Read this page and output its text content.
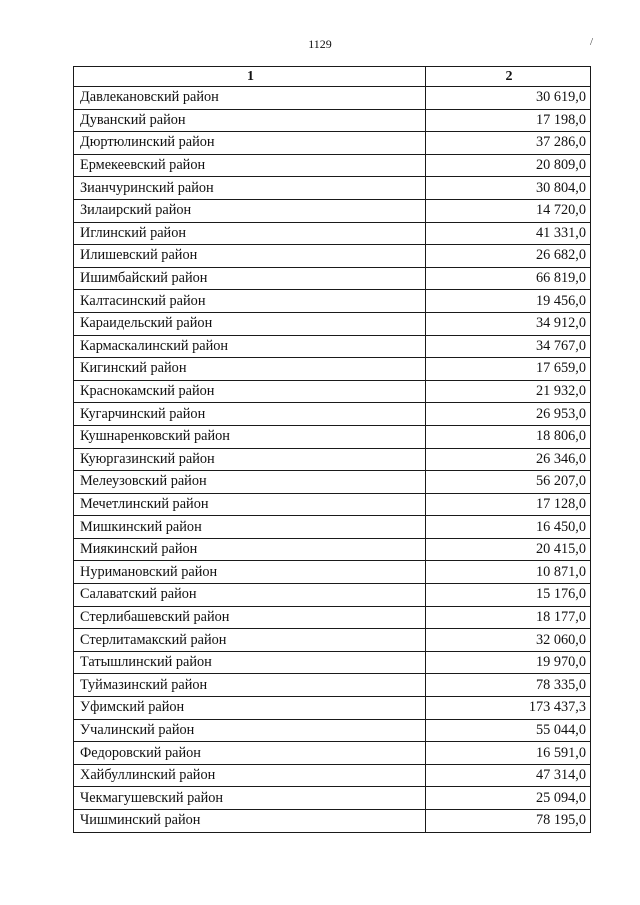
1129	/
1	2
Давлекановский район	30 619,0
Дуванский район	17 198,0
Дюртюлинский район	37 286,0
Ермекеевский район	20 809,0
Зианчуринский район	30 804,0
Зилаирский район	14 720,0
Иглинский район	41 331,0
Илишевский район	26 682,0
Ишимбайский район	66 819,0
Калтасинский район	19 456,0
Караидельский район	34 912,0
Кармаскалинский район	34 767,0
Кигинский район	17 659,0
Краснокамский район	21 932,0
Кугарчинский район	26 953,0
Кушнаренковский район	18 806,0
Куюргазинский район	26 346,0
Мелеузовский район	56 207,0
Мечетлинский район	17 128,0
Мишкинский район	16 450,0
Миякинский район	20 415,0
Нуримановский район	10 871,0
Салаватский район	15 176,0
Стерлибашевский район	18 177,0
Стерлитамакский район	32 060,0
Татышлинский район	19 970,0
Туймазинский район	78 335,0
Уфимский район	173 437,3
Учалинский район	55 044,0
Федоровский район	16 591,0
Хайбуллинский район	47 314,0
Чекмагушевский район	25 094,0
Чишминский район	78 195,0
